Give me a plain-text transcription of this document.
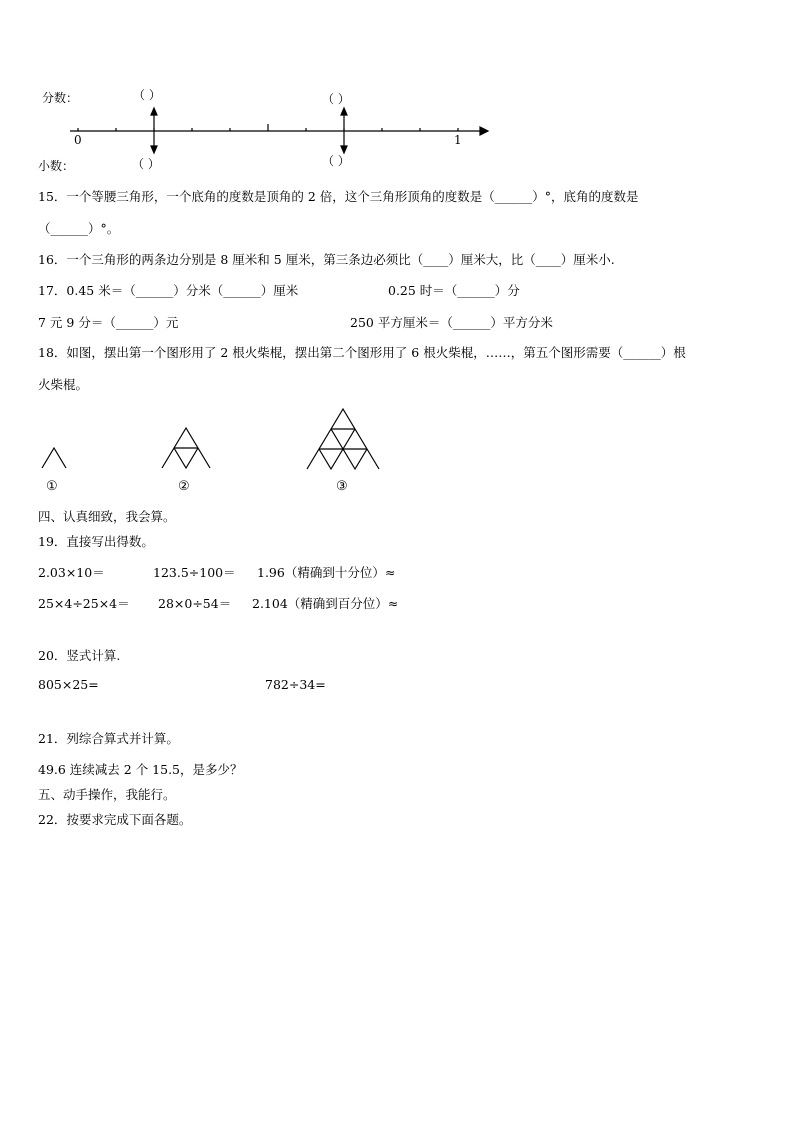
分数：
小数：
（ ）	（ ）
（ ）	（ ）
0	1
15．一个等腰三角形，一个底角的度数是顶角的 2 倍，这个三角形顶角的度数是（______）°，底角的度数是
（______）°。
16．一个三角形的两条边分别是 8 厘米和 5 厘米，第三条边必须比（____）厘米大，比（____）厘米小.
17．0.45 米＝（______）分米（______）厘米	0.25 时＝（______）分
7 元 9 分＝（______）元	250 平方厘米＝（______）平方分米
18．如图，摆出第一个图形用了 2 根火柴棍，摆出第二个图形用了 6 根火柴棍，……，第五个图形需要（______）根
火柴棍。
①	②	③
四、认真细致，我会算。
19．直接写出得数。
2.03×10＝	123.5÷100＝ 1.96（精确到十分位）≈
25×4÷25×4＝ 28×0÷54＝ 2.104（精确到百分位）≈
20．竖式计算.
805×25=	782÷34=
21．列综合算式并计算。
49.6 连续减去 2 个 15.5，是多少？
五、动手操作，我能行。
22．按要求完成下面各题。
